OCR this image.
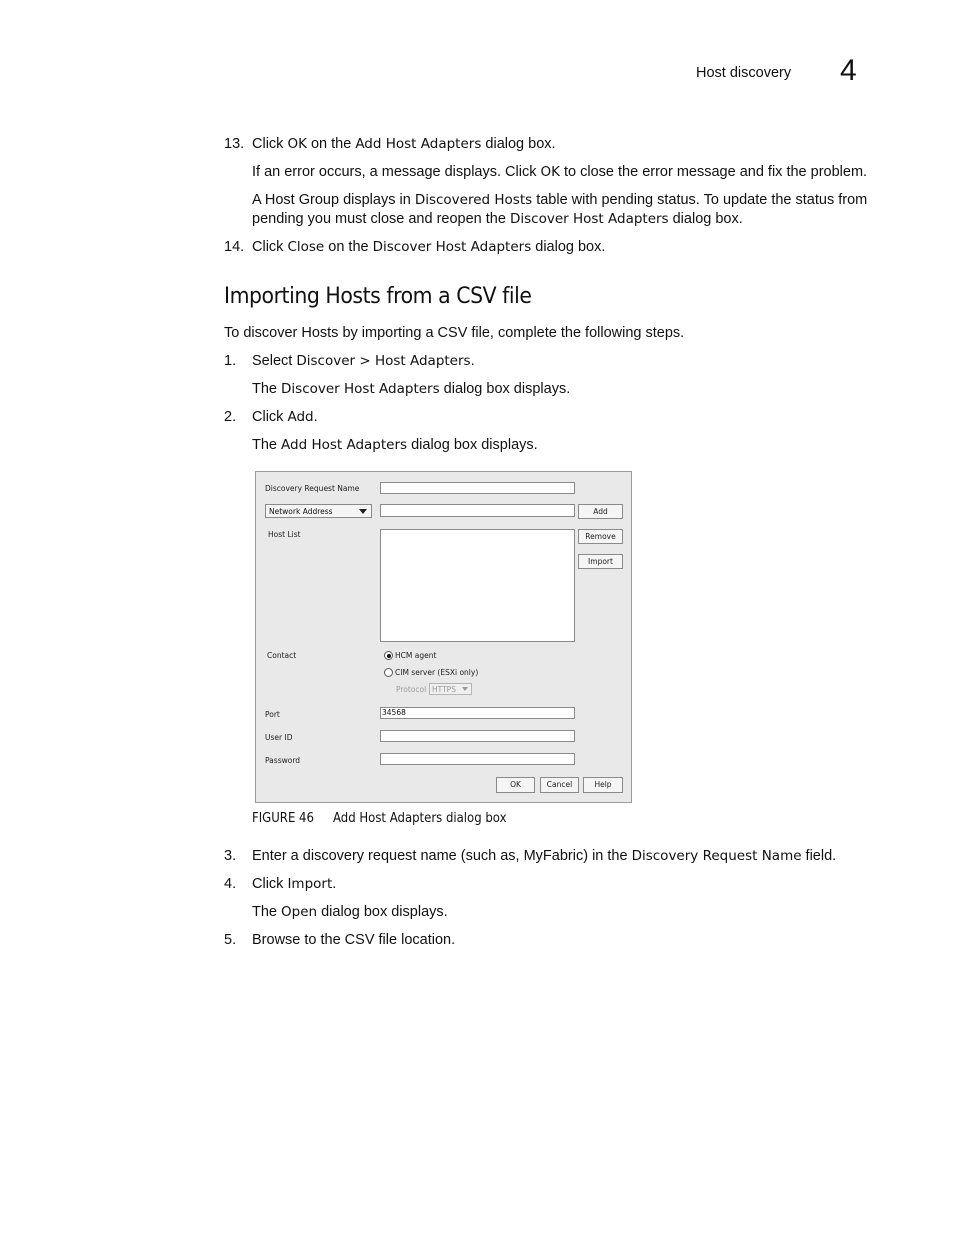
Host discovery 4
13. Click OK on the Add Host Adapters dialog box.
If an error occurs, a message displays. Click OK to close the error message and fix the problem.
A Host Group displays in Discovered Hosts table with pending status. To update the status from pending you must close and reopen the Discover Host Adapters dialog box.
14. Click Close on the Discover Host Adapters dialog box.
Importing Hosts from a CSV file
To discover Hosts by importing a CSV file, complete the following steps.
1. Select Discover > Host Adapters.
The Discover Host Adapters dialog box displays.
2. Click Add.
The Add Host Adapters dialog box displays.
Discovery Request Name
Network Address	Add
Host List	Remove
Import
Contact	HCM agent
CIM server (ESXi only)
Protocol HTTPS
Port	34568
User ID
Password
OK	Cancel	Help
FIGURE 46 Add Host Adapters dialog box
3. Enter a discovery request name (such as, MyFabric) in the Discovery Request Name field.
4. Click Import.
The Open dialog box displays.
5. Browse to the CSV file location.
